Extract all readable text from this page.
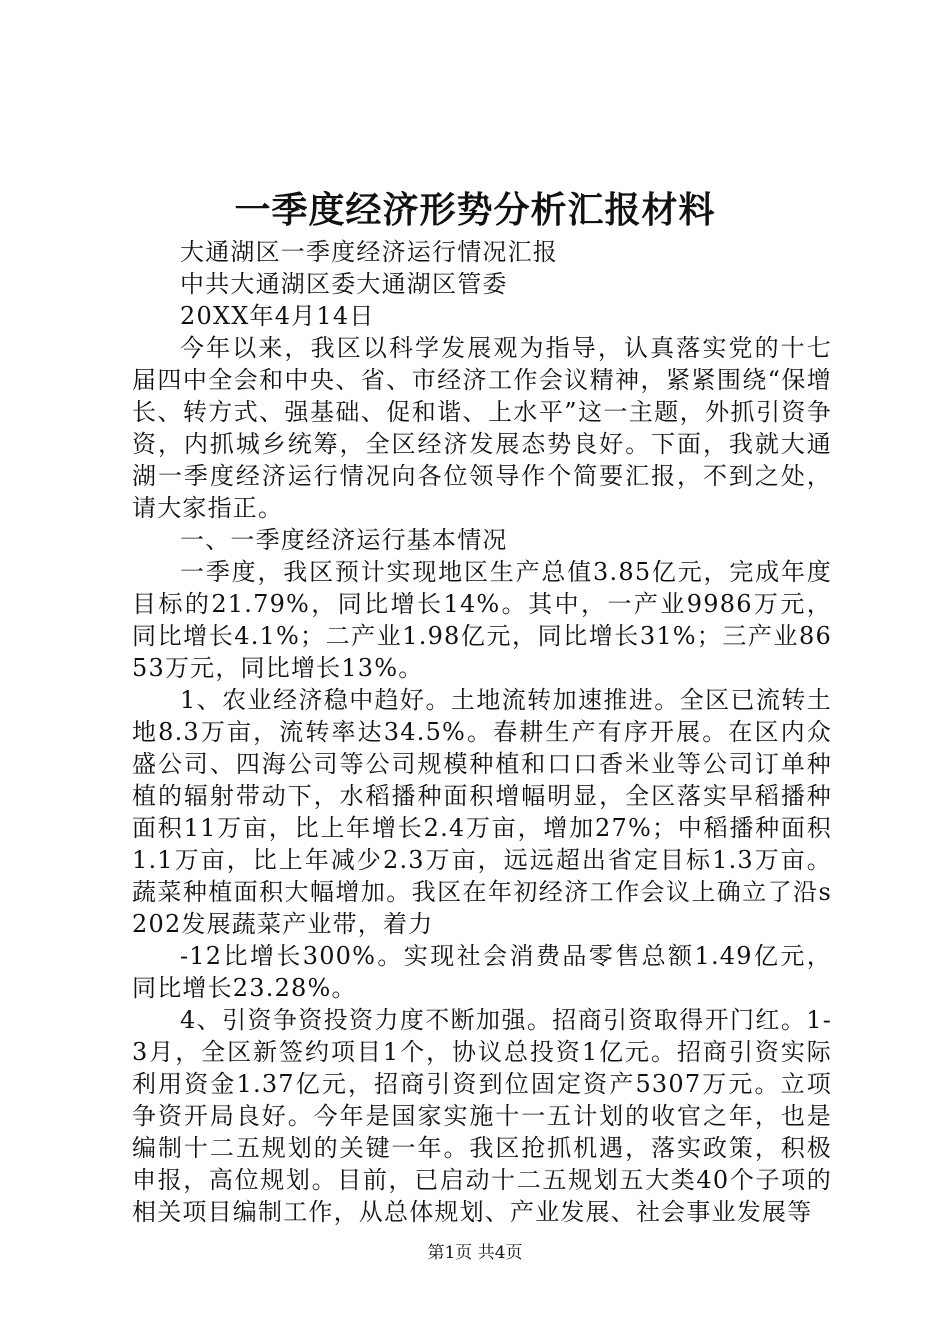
一季度经济形势分析汇报材料

大通湖区一季度经济运行情况汇报

中共大通湖区委大通湖区管委

20XX年4月14日

今年以来，我区以科学发展观为指导，认真落实党的十七届四中全会和中央、省、市经济工作会议精神，紧紧围绕“保增长、转方式、强基础、促和谐、上水平”这一主题，外抓引资争资，内抓城乡统筹，全区经济发展态势良好。下面，我就大通湖一季度经济运行情况向各位领导作个简要汇报，不到之处，请大家指正。

一、一季度经济运行基本情况

一季度，我区预计实现地区生产总值3.85亿元，完成年度目标的21.79%，同比增长14%。其中，一产业9986万元，同比增长4.1%；二产业1.98亿元，同比增长31%；三产业8653万元，同比增长13%。

1、农业经济稳中趋好。土地流转加速推进。全区已流转土地8.3万亩，流转率达34.5%。春耕生产有序开展。在区内众盛公司、四海公司等公司规模种植和口口香米业等公司订单种植的辐射带动下，水稻播种面积增幅明显，全区落实早稻播种面积11万亩，比上年增长2.4万亩，增加27%；中稻播种面积1.1万亩，比上年减少2.3万亩，远远超出省定目标1.3万亩。蔬菜种植面积大幅增加。我区在年初经济工作会议上确立了沿s202发展蔬菜产业带，着力

-12比增长300%。实现社会消费品零售总额1.49亿元，同比增长23.28%。

4、引资争资投资力度不断加强。招商引资取得开门红。1-3月，全区新签约项目1个，协议总投资1亿元。招商引资实际利用资金1.37亿元，招商引资到位固定资产5307万元。立项争资开局良好。今年是国家实施十一五计划的收官之年，也是编制十二五规划的关键一年。我区抢抓机遇，落实政策，积极申报，高位规划。目前，已启动十二五规划五大类40个子项的相关项目编制工作，从总体规划、产业发展、社会事业发展等

第1页 共4页
